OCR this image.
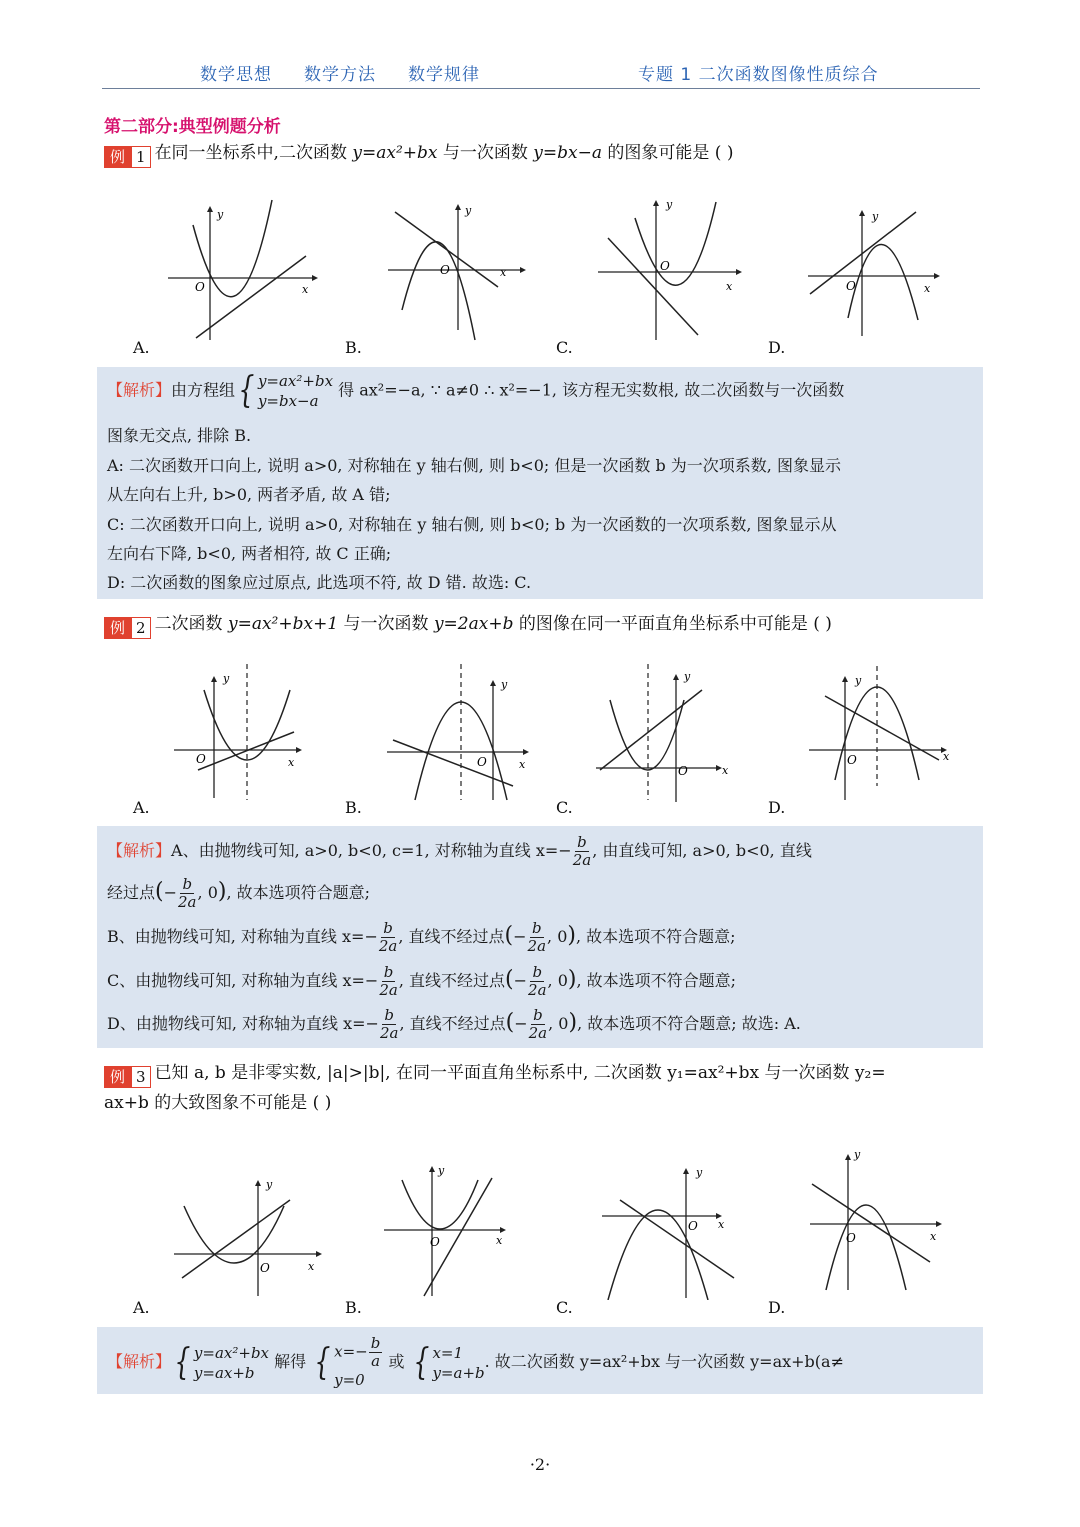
数学思想 数学方法 数学规律	专题 1 二次函数图像性质综合
第二部分:典型例题分析
例 1 在同一坐标系中,二次函数 y=ax²+bx 与一次函数 y=bx−a 的图象可能是 ( )
y
x
O
y
x
O
y
x
O
y
x
O
A.	B.	C.	D.
【解析】由方程组 { y=ax²+bx
y=bx−a
得 ax²=−a, ∵ a≠0 ∴ x²=−1, 该方程无实数根, 故二次函数与一次函数
图象无交点, 排除 B.
A: 二次函数开口向上, 说明 a>0, 对称轴在 y 轴右侧, 则 b<0; 但是一次函数 b 为一次项系数, 图象显示
从左向右上升, b>0, 两者矛盾, 故 A 错;
C: 二次函数开口向上, 说明 a>0, 对称轴在 y 轴右侧, 则 b<0; b 为一次函数的一次项系数, 图象显示从
左向右下降, b<0, 两者相符, 故 C 正确;
D: 二次函数的图象应过原点, 此选项不符, 故 D 错. 故选: C.
例 2 二次函数 y=ax²+bx+1 与一次函数 y=2ax+b 的图像在同一平面直角坐标系中可能是 ( )
y
x
O
y
x
O
y
x
O
y
x
O
A.	B.	C.	D.
【解析】A、由抛物线可知, a>0, b<0, c=1, 对称轴为直线 $x=- \frac{b}{2a}$ , 由直线可知, a>0, b<0, 直线
经过点(− $\frac{b}{2a}$ , 0), 故本选项符合题意;
B、由抛物线可知, 对称轴为直线 $x=- \frac{b}{2a}$ , 直线不经过点(− $\frac{b}{2a}$ , 0), 故本选项不符合题意;
C、由抛物线可知, 对称轴为直线 $x=- \frac{b}{2a}$ , 直线不经过点(− $\frac{b}{2a}$ , 0), 故本选项不符合题意;
D、由抛物线可知, 对称轴为直线 $x=- \frac{b}{2a}$ , 直线不经过点(− $\frac{b}{2a}$ , 0), 故本选项不符合题意; 故选: A.
例 3 已知 a, b 是非零实数, |a|>|b|, 在同一平面直角坐标系中, 二次函数 y₁=ax²+bx 与一次函数 y₂=
ax+b 的大致图象不可能是 ( )
y
x
O
y
x
O
y
x
O
y
x
O
A.	B.	C.	D.
【解析】 { y=ax²+bx
y=ax+b
解得 { $x=- \frac{b}{a}$
y=0
或 { x=1
y=a+b
. 故二次函数 y=ax²+bx 与一次函数 y=ax+b(a≠
·2·
